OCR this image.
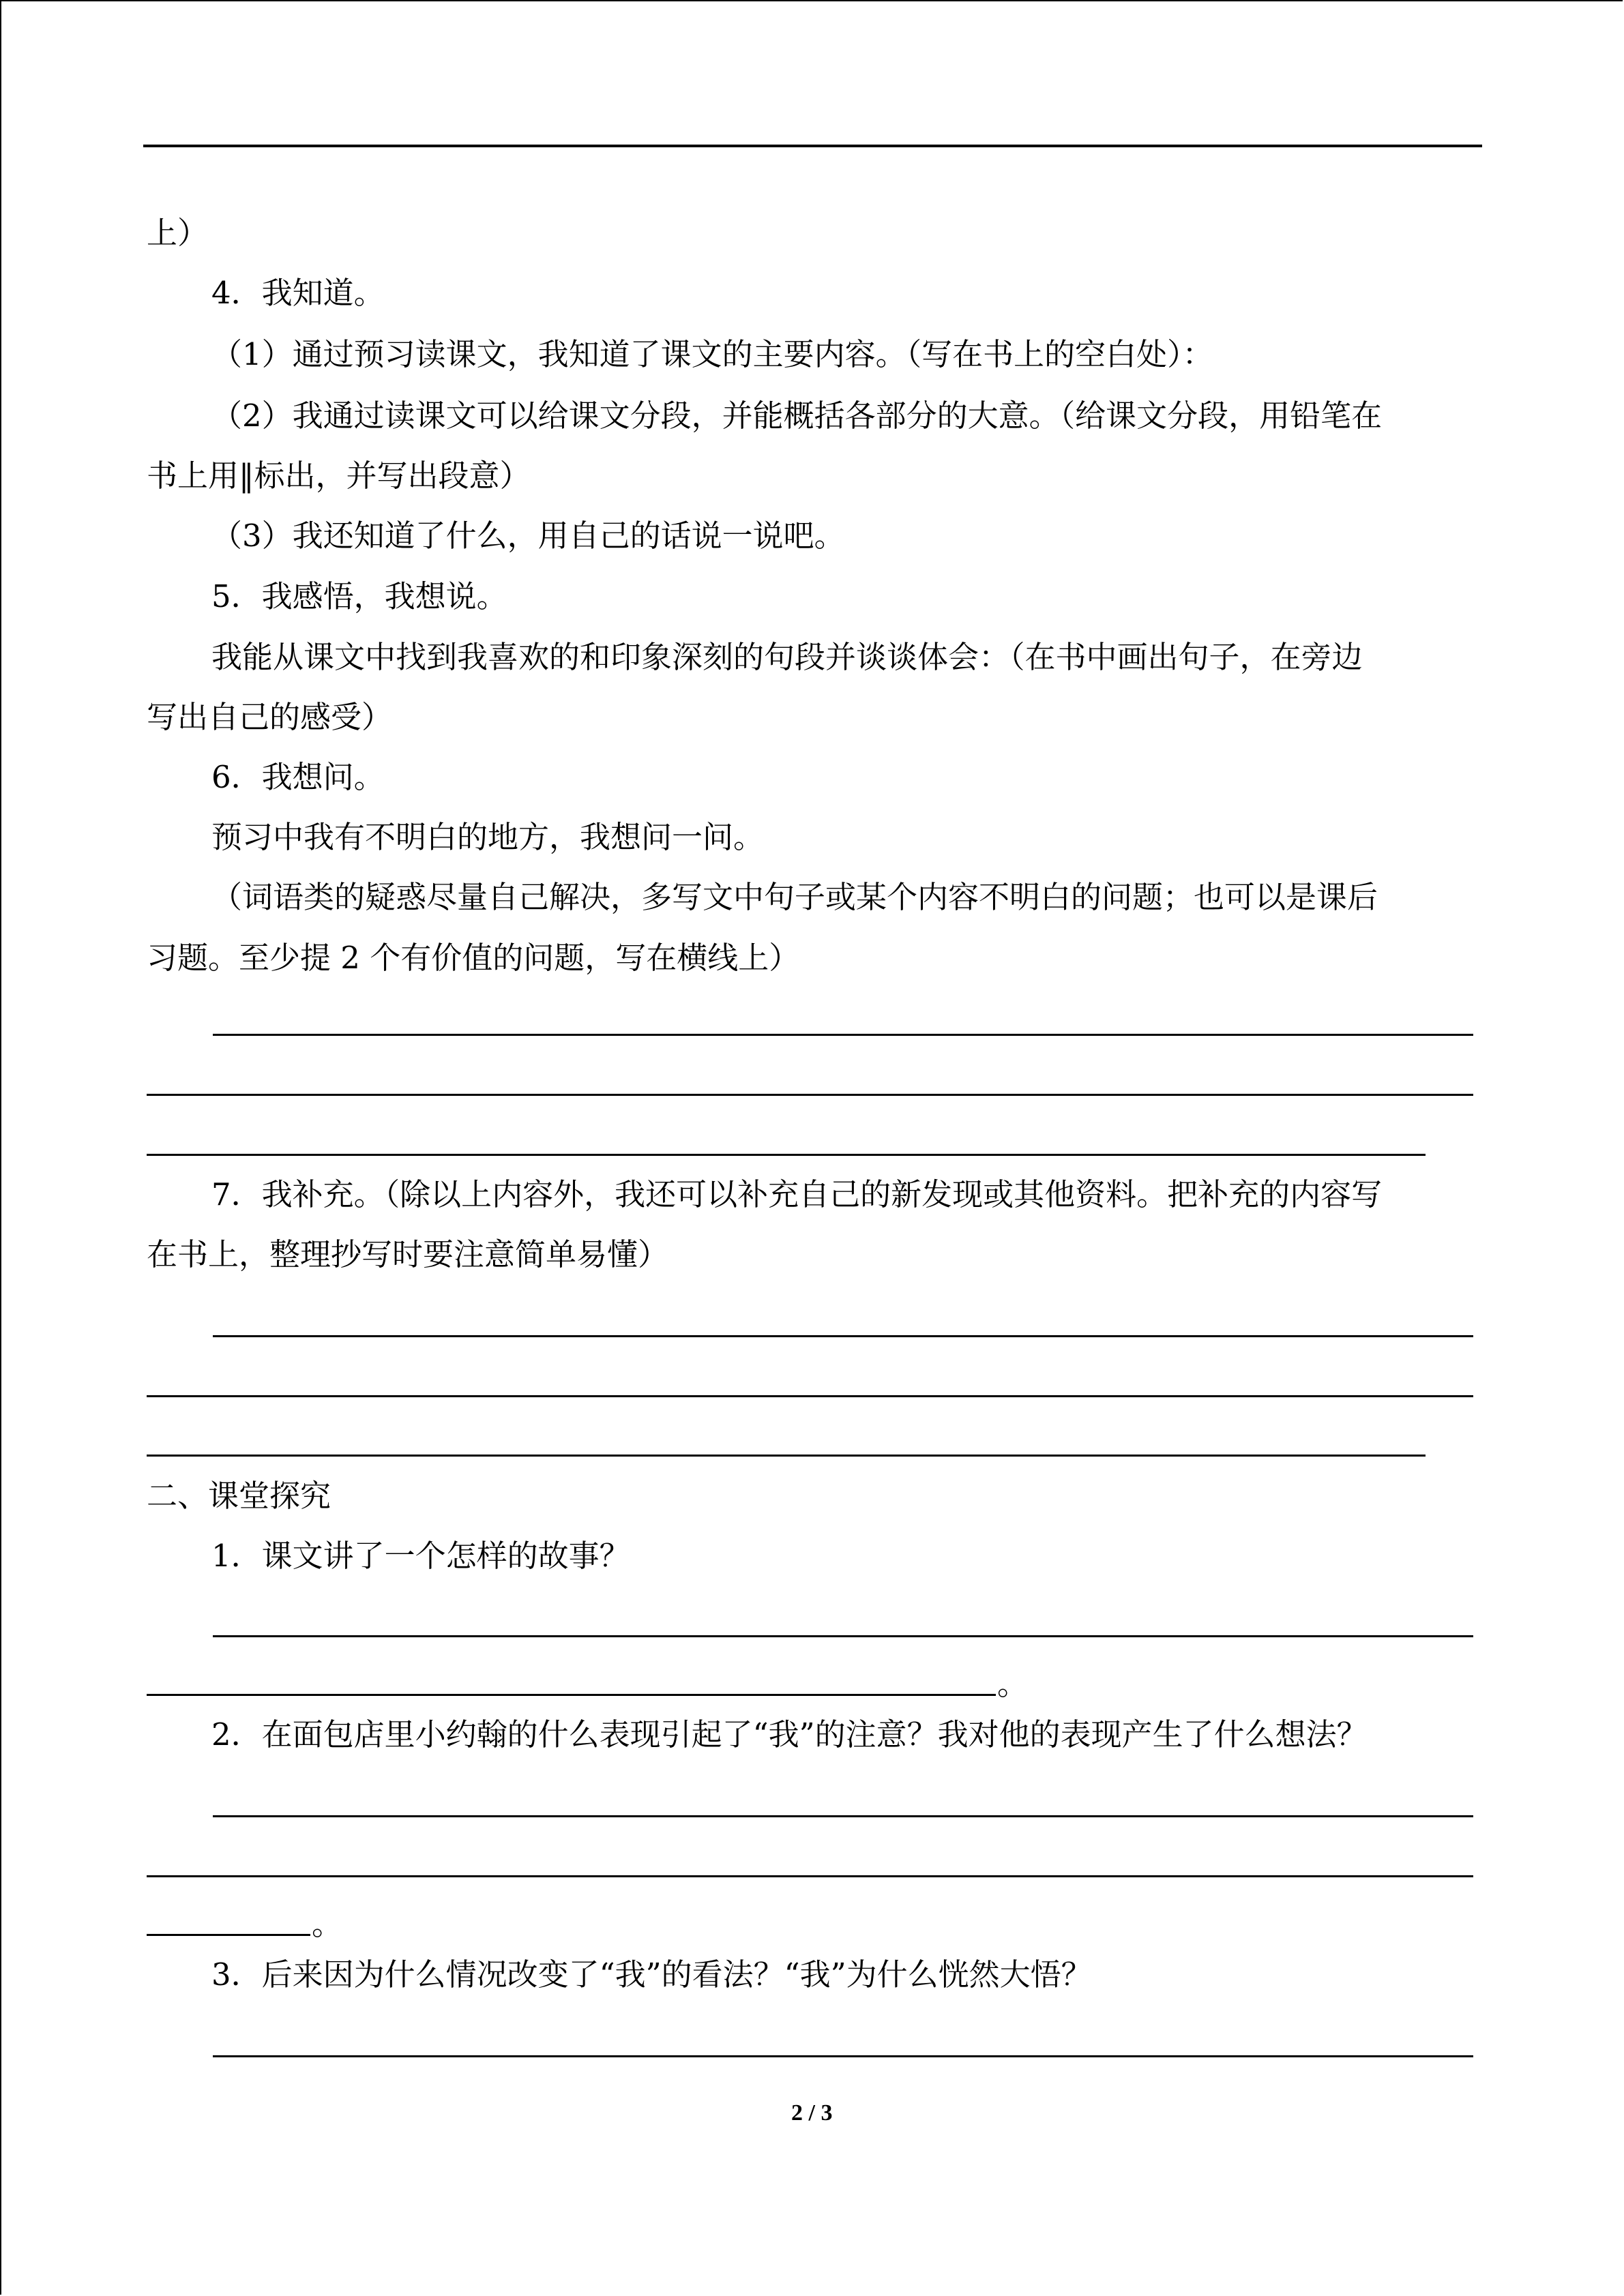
上）
4．我知道。
（1）通过预习读课文，我知道了课文的主要内容。（写在书上的空白处）：
（2）我通过读课文可以给课文分段，并能概括各部分的大意。（给课文分段，用铅笔在
书上用‖标出，并写出段意）
（3）我还知道了什么，用自己的话说一说吧。
5．我感悟，我想说。
我能从课文中找到我喜欢的和印象深刻的句段并谈谈体会：（在书中画出句子，在旁边
写出自己的感受）
6．我想问。
预习中我有不明白的地方，我想问一问。
（词语类的疑惑尽量自己解决，多写文中句子或某个内容不明白的问题；也可以是课后
习题。至少提 2 个有价值的问题，写在横线上）
7．我补充。（除以上内容外，我还可以补充自己的新发现或其他资料。把补充的内容写
在书上，整理抄写时要注意简单易懂）
二、课堂探究
1．课文讲了一个怎样的故事？
。
2．在面包店里小约翰的什么表现引起了“我”的注意？我对他的表现产生了什么想法？
。
3．后来因为什么情况改变了“我”的看法？“我”为什么恍然大悟？
2 / 3
